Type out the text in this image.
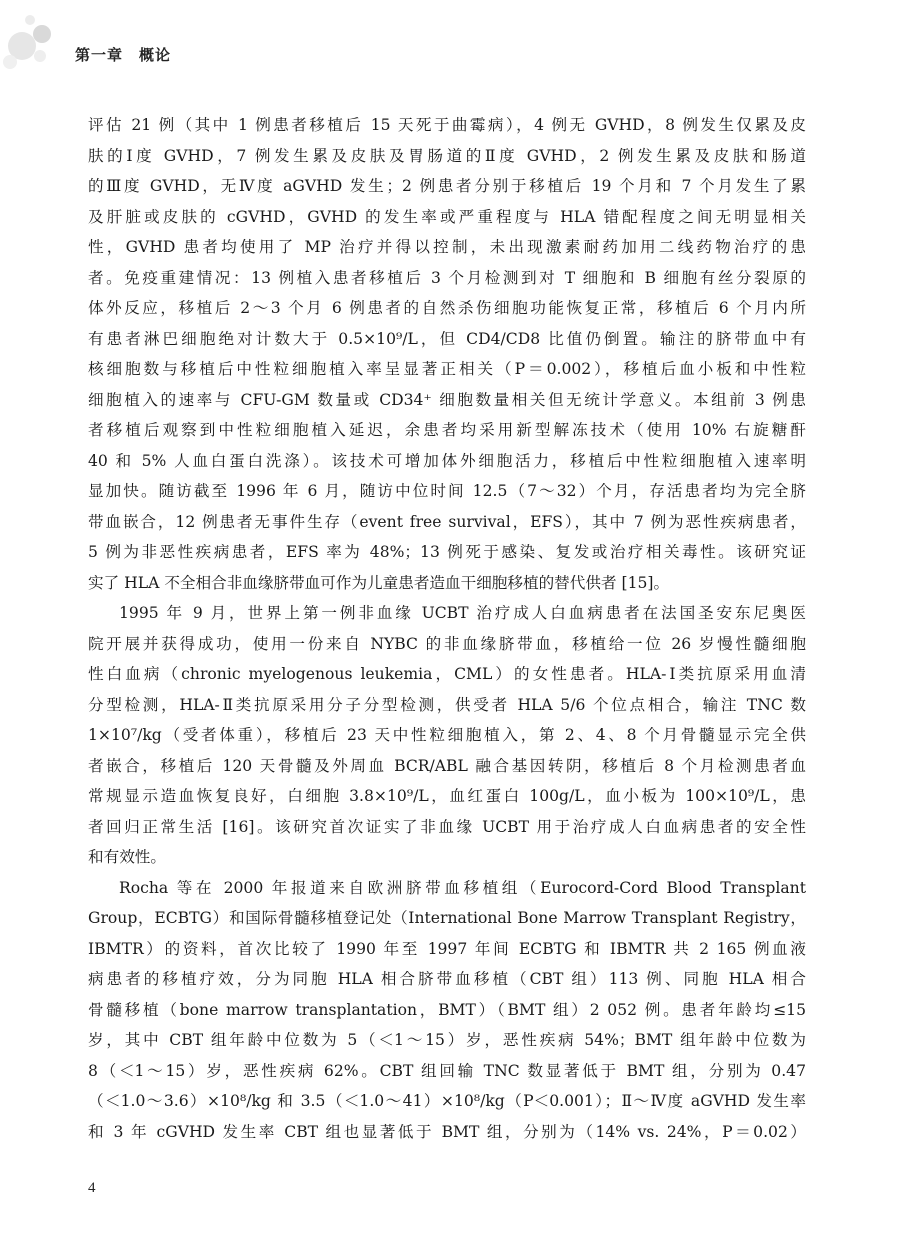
第一章　概论
评估 21 例（其中 1 例患者移植后 15 天死于曲霉病），4 例无 GVHD，8 例发生仅累及皮
肤的Ⅰ度 GVHD，7 例发生累及皮肤及胃肠道的Ⅱ度 GVHD，2 例发生累及皮肤和肠道
的Ⅲ度 GVHD，无Ⅳ度 aGVHD 发生；2 例患者分别于移植后 19 个月和 7 个月发生了累
及肝脏或皮肤的 cGVHD，GVHD 的发生率或严重程度与 HLA 错配程度之间无明显相关
性，GVHD 患者均使用了 MP 治疗并得以控制，未出现激素耐药加用二线药物治疗的患
者。免疫重建情况：13 例植入患者移植后 3 个月检测到对 T 细胞和 B 细胞有丝分裂原的
体外反应，移植后 2～3 个月 6 例患者的自然杀伤细胞功能恢复正常，移植后 6 个月内所
有患者淋巴细胞绝对计数大于 0.5×10⁹/L，但 CD4/CD8 比值仍倒置。输注的脐带血中有
核细胞数与移植后中性粒细胞植入率呈显著正相关（P＝0.002），移植后血小板和中性粒
细胞植入的速率与 CFU-GM 数量或 CD34⁺ 细胞数量相关但无统计学意义。本组前 3 例患
者移植后观察到中性粒细胞植入延迟，余患者均采用新型解冻技术（使用 10% 右旋糖酐
40 和 5% 人血白蛋白洗涤）。该技术可增加体外细胞活力，移植后中性粒细胞植入速率明
显加快。随访截至 1996 年 6 月，随访中位时间 12.5（7～32）个月，存活患者均为完全脐
带血嵌合，12 例患者无事件生存（event free survival，EFS），其中 7 例为恶性疾病患者，
5 例为非恶性疾病患者，EFS 率为 48%；13 例死于感染、复发或治疗相关毒性。该研究证
实了 HLA 不全相合非血缘脐带血可作为儿童患者造血干细胞移植的替代供者 [15]。
1995 年 9 月，世界上第一例非血缘 UCBT 治疗成人白血病患者在法国圣安东尼奥医
院开展并获得成功，使用一份来自 NYBC 的非血缘脐带血，移植给一位 26 岁慢性髓细胞
性白血病（chronic myelogenous leukemia，CML）的女性患者。HLA-Ⅰ类抗原采用血清
分型检测，HLA-Ⅱ类抗原采用分子分型检测，供受者 HLA 5/6 个位点相合，输注 TNC 数
1×10⁷/kg（受者体重），移植后 23 天中性粒细胞植入，第 2、4、8 个月骨髓显示完全供
者嵌合，移植后 120 天骨髓及外周血 BCR/ABL 融合基因转阴，移植后 8 个月检测患者血
常规显示造血恢复良好，白细胞 3.8×10⁹/L，血红蛋白 100g/L，血小板为 100×10⁹/L，患
者回归正常生活 [16]。该研究首次证实了非血缘 UCBT 用于治疗成人白血病患者的安全性
和有效性。
Rocha 等在 2000 年报道来自欧洲脐带血移植组（Eurocord-Cord Blood Transplant
Group，ECBTG）和国际骨髓移植登记处（International Bone Marrow Transplant Registry，
IBMTR）的资料，首次比较了 1990 年至 1997 年间 ECBTG 和 IBMTR 共 2 165 例血液
病患者的移植疗效，分为同胞 HLA 相合脐带血移植（CBT 组）113 例、同胞 HLA 相合
骨髓移植（bone marrow transplantation，BMT）（BMT 组）2 052 例。患者年龄均≤15
岁，其中 CBT 组年龄中位数为 5（＜1～15）岁，恶性疾病 54%；BMT 组年龄中位数为
8（＜1～15）岁，恶性疾病 62%。CBT 组回输 TNC 数显著低于 BMT 组，分别为 0.47
（＜1.0～3.6）×10⁸/kg 和 3.5（＜1.0～41）×10⁸/kg（P＜0.001）；Ⅱ～Ⅳ度 aGVHD 发生率
和 3 年 cGVHD 发生率 CBT 组也显著低于 BMT 组，分别为（14% vs. 24%，P＝0.02）
4
